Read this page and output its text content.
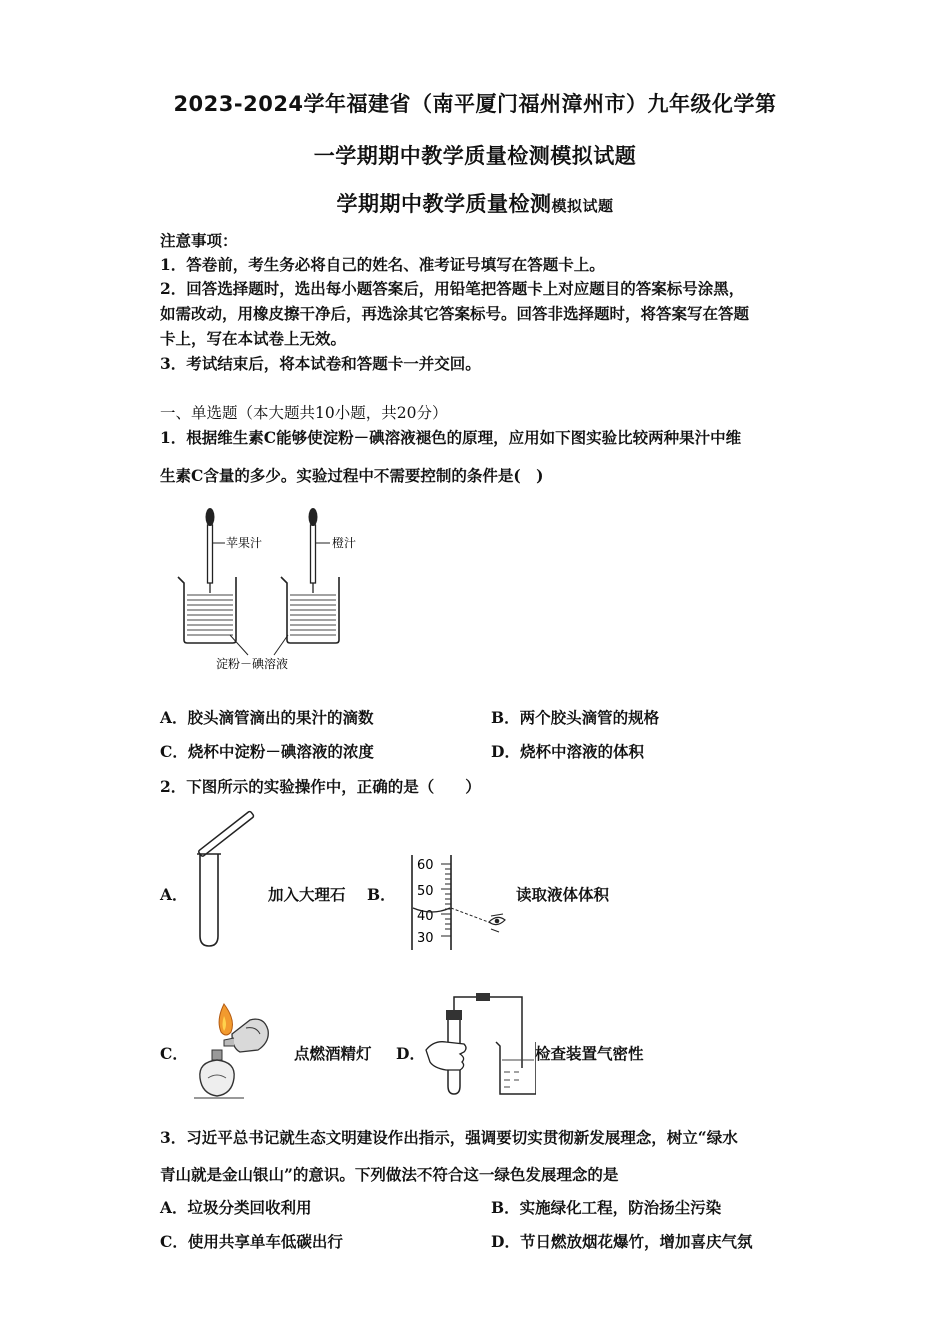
2023-2024学年福建省（南平厦门福州漳州市）九年级化学第
一学期期中教学质量检测模拟试题
学期期中教学质量检测模拟试题
注意事项：
1．答卷前，考生务必将自己的姓名、准考证号填写在答题卡上。
2．回答选择题时，选出每小题答案后，用铅笔把答题卡上对应题目的答案标号涂黑，
如需改动，用橡皮擦干净后，再选涂其它答案标号。回答非选择题时，将答案写在答题
卡上，写在本试卷上无效。
3．考试结束后，将本试卷和答题卡一并交回。
一、单选题（本大题共10小题，共20分）
1．根据维生素C能够使淀粉－碘溶液褪色的原理，应用如下图实验比较两种果汁中维
生素C含量的多少。实验过程中不需要控制的条件是(　)
苹果汁	橙汁
淀粉－碘溶液
A．胶头滴管滴出的果汁的滴数	B．两个胶头滴管的规格
C．烧杯中淀粉－碘溶液的浓度	D．烧杯中溶液的体积
2．下图所示的实验操作中，正确的是（　　）
A．	加入大理石 B．
60
50
40
30
读取液体体积
C．	点燃酒精灯 D．	检查装置气密性
3．习近平总书记就生态文明建设作出指示，强调要切实贯彻新发展理念，树立“绿水
青山就是金山银山”的意识。下列做法不符合这一绿色发展理念的是
A．垃圾分类回收利用	B．实施绿化工程，防治扬尘污染
C．使用共享单车低碳出行	D．节日燃放烟花爆竹，增加喜庆气氛
